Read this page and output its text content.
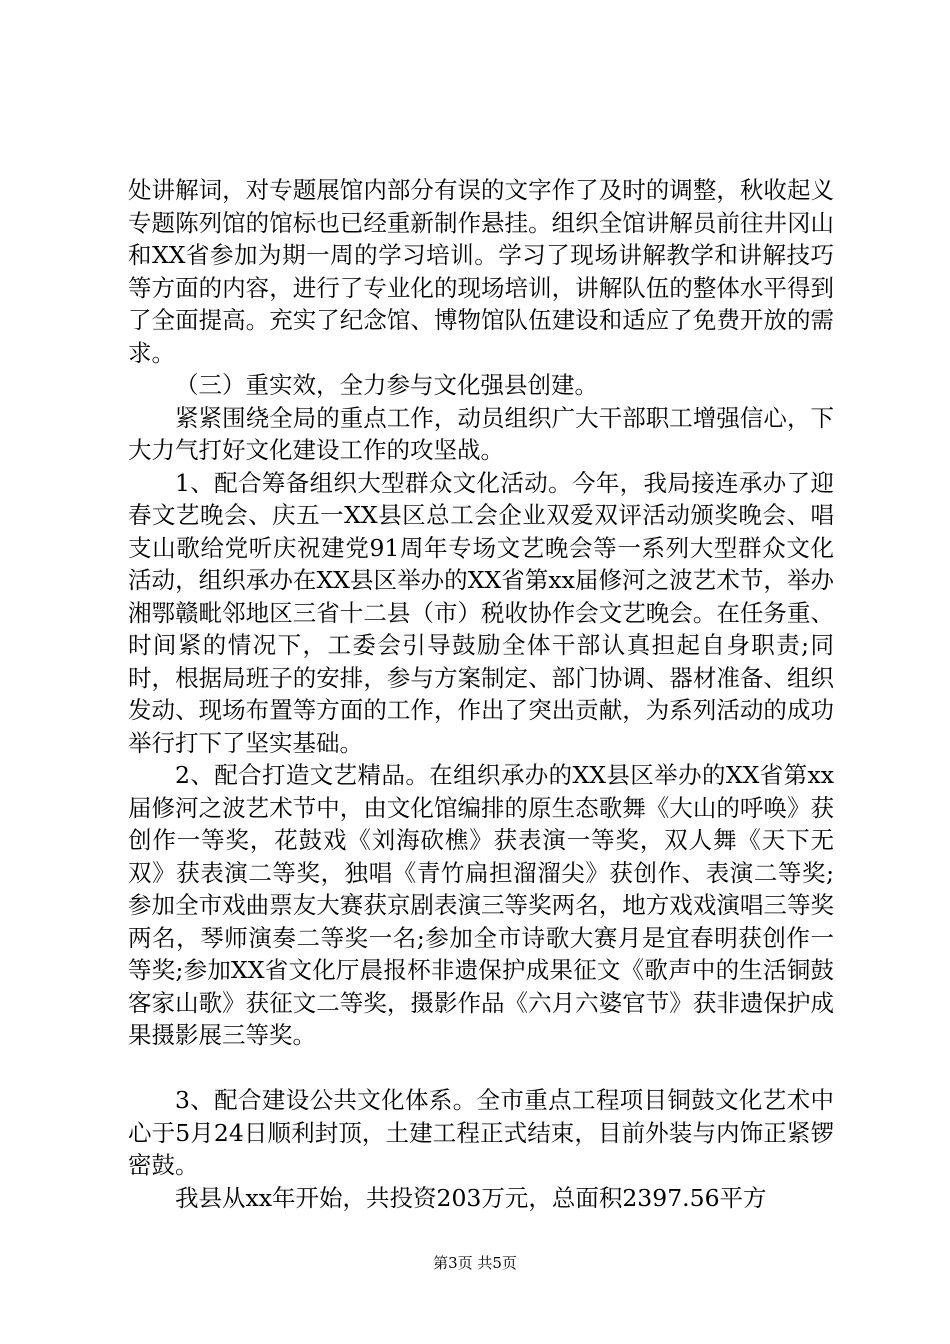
处讲解词，对专题展馆内部分有误的文字作了及时的调整，秋收起义专题陈列馆的馆标也已经重新制作悬挂。组织全馆讲解员前往井冈山和XX省参加为期一周的学习培训。学习了现场讲解教学和讲解技巧等方面的内容，进行了专业化的现场培训，讲解队伍的整体水平得到了全面提高。充实了纪念馆、博物馆队伍建设和适应了免费开放的需求。

（三）重实效，全力参与文化强县创建。

紧紧围绕全局的重点工作，动员组织广大干部职工增强信心，下大力气打好文化建设工作的攻坚战。

1、配合筹备组织大型群众文化活动。今年，我局接连承办了迎春文艺晚会、庆五一XX县区总工会企业双爱双评活动颁奖晚会、唱支山歌给党听庆祝建党91周年专场文艺晚会等一系列大型群众文化活动，组织承办在XX县区举办的XX省第xx届修河之波艺术节，举办湘鄂赣毗邻地区三省十二县（市）税收协作会文艺晚会。在任务重、时间紧的情况下，工委会引导鼓励全体干部认真担起自身职责;同时，根据局班子的安排，参与方案制定、部门协调、器材准备、组织发动、现场布置等方面的工作，作出了突出贡献，为系列活动的成功举行打下了坚实基础。

2、配合打造文艺精品。在组织承办的XX县区举办的XX省第xx届修河之波艺术节中，由文化馆编排的原生态歌舞《大山的呼唤》获创作一等奖，花鼓戏《刘海砍樵》获表演一等奖，双人舞《天下无双》获表演二等奖，独唱《青竹扁担溜溜尖》获创作、表演二等奖;参加全市戏曲票友大赛获京剧表演三等奖两名，地方戏戏演唱三等奖两名，琴师演奏二等奖一名;参加全市诗歌大赛月是宜春明获创作一等奖;参加XX省文化厅晨报杯非遗保护成果征文《歌声中的生活铜鼓客家山歌》获征文二等奖，摄影作品《六月六婆官节》获非遗保护成果摄影展三等奖。

3、配合建设公共文化体系。全市重点工程项目铜鼓文化艺术中心于5月24日顺利封顶，土建工程正式结束，目前外装与内饰正紧锣密鼓。

我县从xx年开始，共投资203万元，总面积2397.56平方

第3页 共5页
